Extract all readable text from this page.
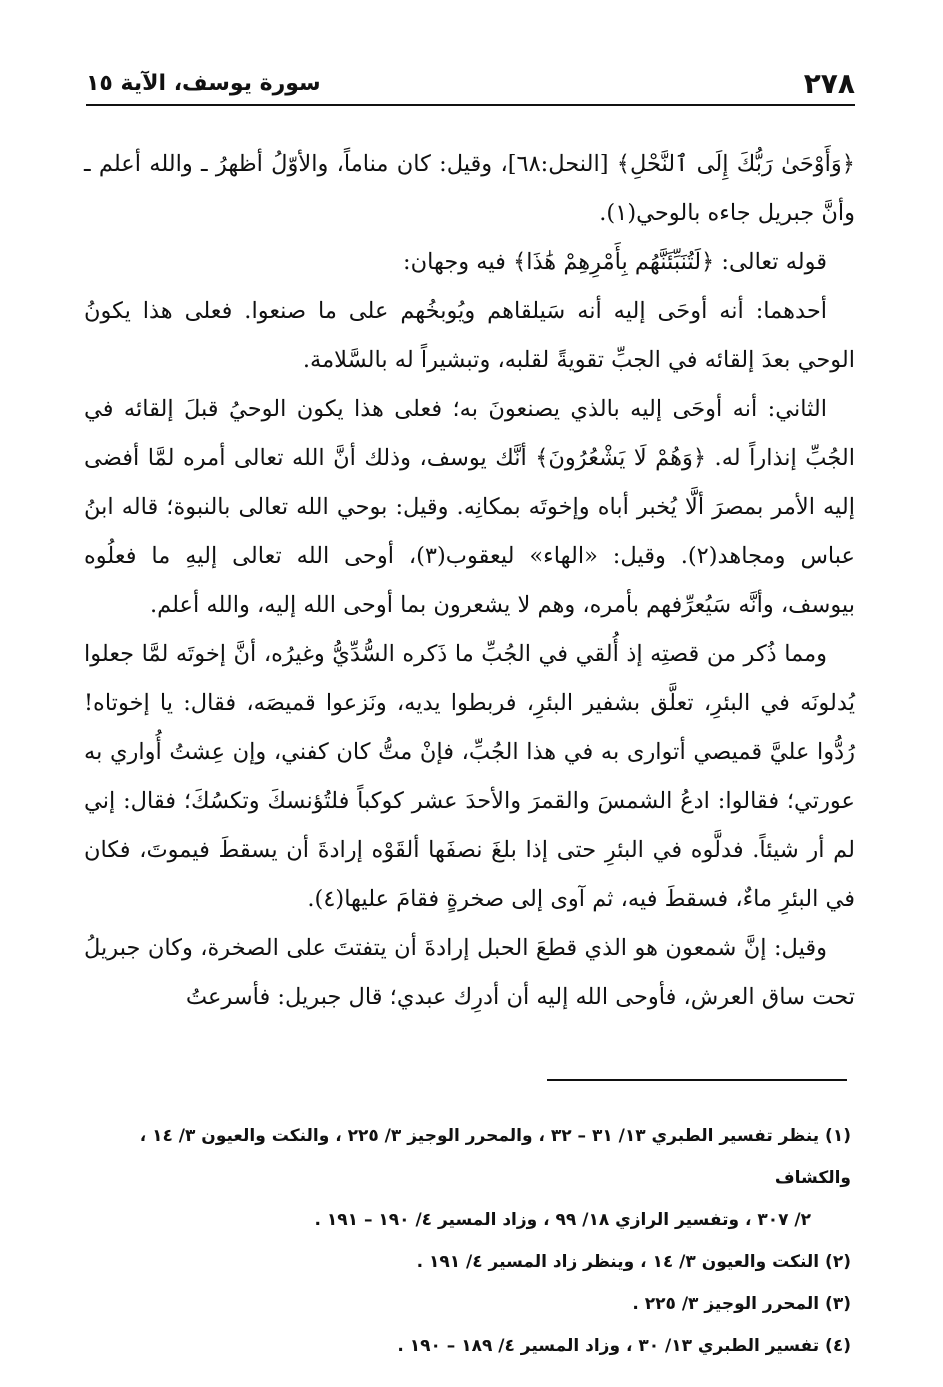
٢٧٨
سورة يوسف، الآية ١٥

﴿وَأَوْحَىٰ رَبُّكَ إِلَى ٱلنَّحْلِ﴾ [النحل:٦٨]، وقيل: كان مناماً، والأوّلُ أظهرُ ـ والله أعلم ـ وأنَّ جبريل جاءه بالوحي(١).

قوله تعالى: ﴿لَتُنَبِّئَنَّهُم بِأَمْرِهِمْ هَٰذَا﴾ فيه وجهان:

أحدهما: أنه أوحَى إليه أنه سَيلقاهم ويُوبخُهم على ما صنعوا. فعلى هذا يكونُ الوحي بعدَ إلقائه في الجبِّ تقويةً لقلبه، وتبشيراً له بالسَّلامة.

الثاني: أنه أوحَى إليه بالذي يصنعونَ به؛ فعلى هذا يكون الوحيُ قبلَ إلقائه في الجُبِّ إنذاراً له. ﴿وَهُمْ لَا يَشْعُرُونَ﴾ أنَّك يوسف، وذلك أنَّ الله تعالى أمره لمَّا أفضى إليه الأمر بمصرَ ألَّا يُخبر أباه وإخوتَه بمكانِه. وقيل: بوحي الله تعالى بالنبوة؛ قاله ابنُ عباس ومجاهد(٢). وقيل: «الهاء» ليعقوب(٣)، أوحى الله تعالى إليهِ ما فعلُوه بيوسف، وأنَّه سَيُعرِّفهم بأمره، وهم لا يشعرون بما أوحى الله إليه، والله أعلم.

ومما ذُكر من قصتِه إذ أُلقي في الجُبِّ ما ذَكره السُّدِّيُّ وغيرُه، أنَّ إخوتَه لمَّا جعلوا يُدلونَه في البئرِ، تعلَّق بشفير البئرِ، فربطوا يديه، ونَزعوا قميصَه، فقال: يا إخوتاه! رُدُّوا عليَّ قميصي أتوارى به في هذا الجُبِّ، فإنْ متُّ كان كفني، وإن عِشتُ أُواري به عورتي؛ فقالوا: ادعُ الشمسَ والقمرَ والأحدَ عشر كوكباً فلتُؤنسكَ وتكسُكَ؛ فقال: إني لم أر شيئاً. فدلَّوه في البئرِ حتى إذا بلغَ نصفَها ألقَوْه إرادةَ أن يسقطَ فيموتَ، فكان في البئرِ ماءٌ، فسقطَ فيه، ثم آوى إلى صخرةٍ فقامَ عليها(٤).

وقيل: إنَّ شمعون هو الذي قطعَ الحبل إرادةَ أن يتفتتَ على الصخرة، وكان جبريلُ تحت ساق العرش، فأوحى الله إليه أن أدرِك عبدي؛ قال جبريل: فأسرعتُ

(١) ينظر تفسير الطبري ١٣/ ٣١ – ٣٢ ، والمحرر الوجيز ٣/ ٢٢٥ ، والنكت والعيون ٣/ ١٤ ، والكشاف

٢/ ٣٠٧ ، وتفسير الرازي ١٨/ ٩٩ ، وزاد المسير ٤/ ١٩٠ – ١٩١ .

(٢) النكت والعيون ٣/ ١٤ ، وينظر زاد المسير ٤/ ١٩١ .

(٣) المحرر الوجيز ٣/ ٢٢٥ .

(٤) تفسير الطبري ١٣/ ٣٠ ، وزاد المسير ٤/ ١٨٩ – ١٩٠ .
